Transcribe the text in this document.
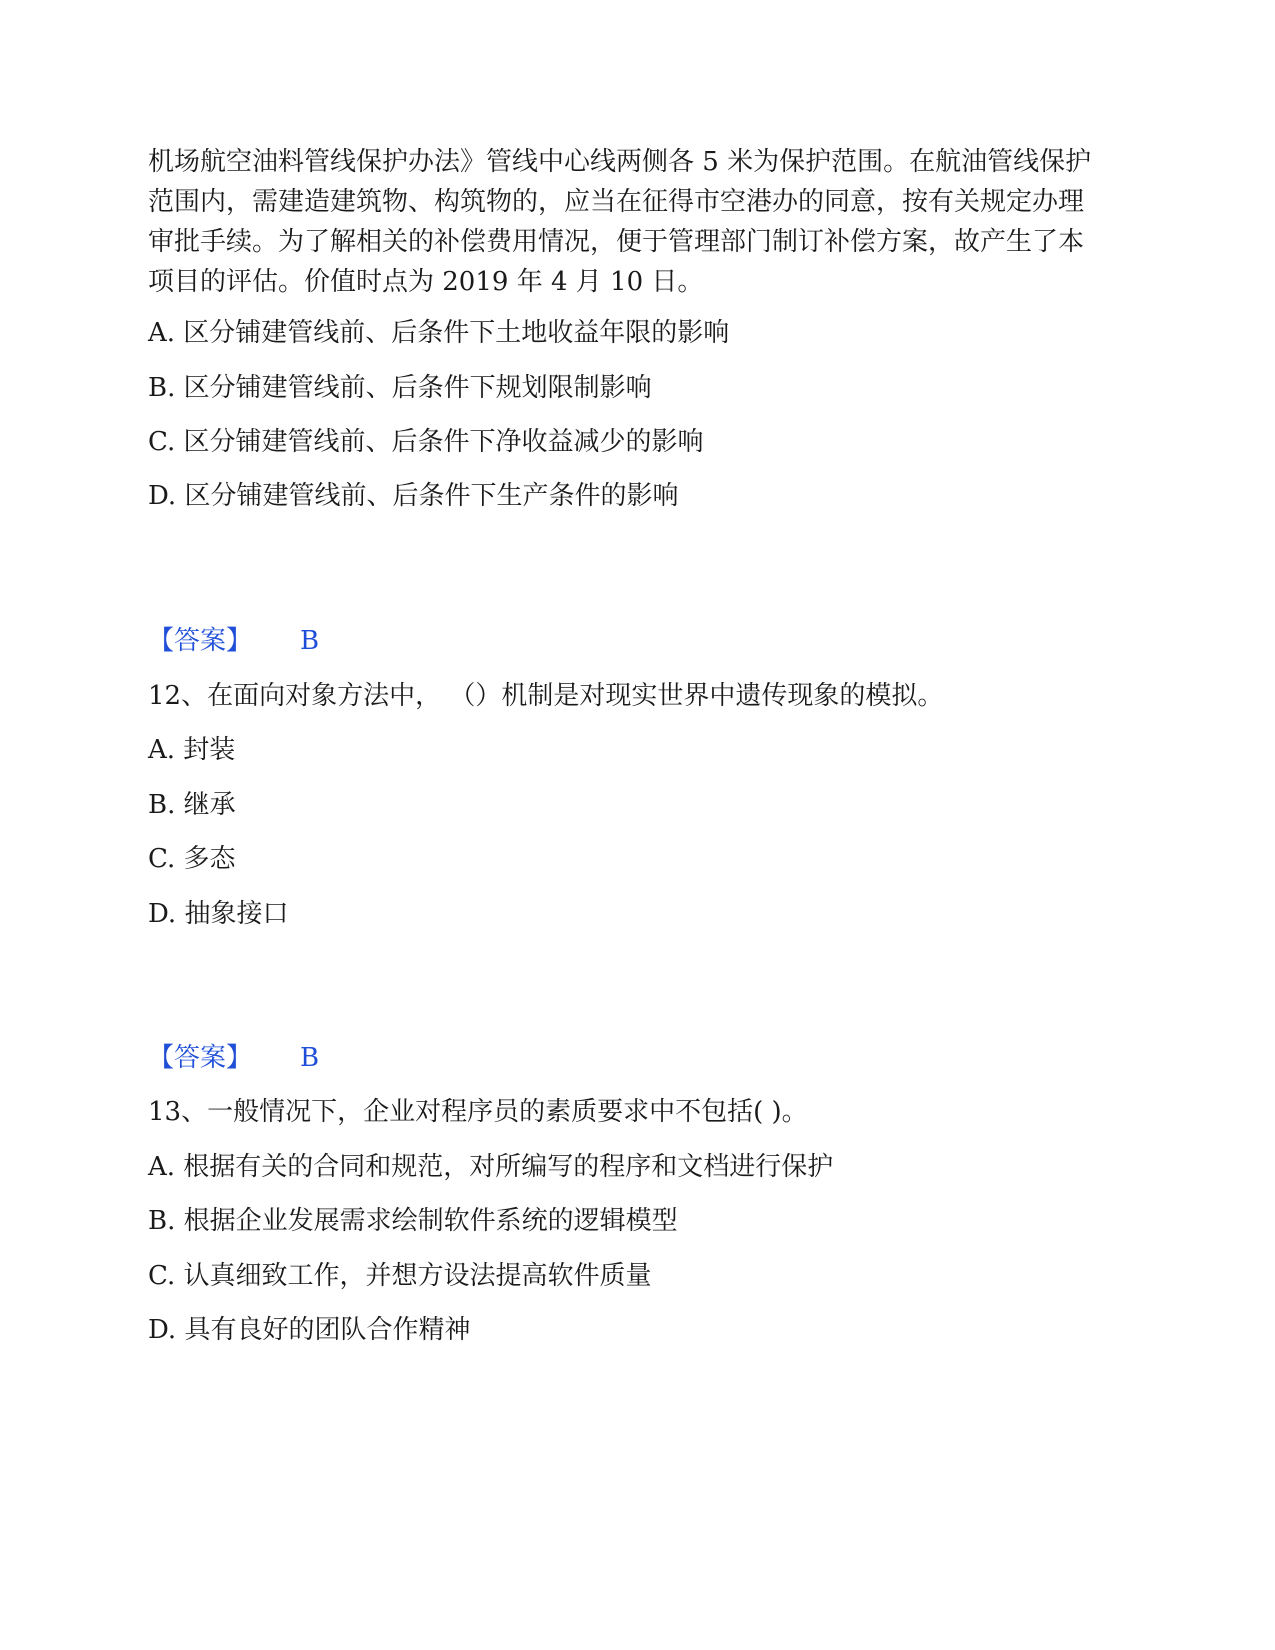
机场航空油料管线保护办法》管线中心线两侧各 5 米为保护范围。在航油管线保护范围内，需建造建筑物、构筑物的，应当在征得市空港办的同意，按有关规定办理审批手续。为了解相关的补偿费用情况，便于管理部门制订补偿方案，故产生了本项目的评估。价值时点为 2019 年 4 月 10 日。

A. 区分铺建管线前、后条件下土地收益年限的影响
B. 区分铺建管线前、后条件下规划限制影响
C. 区分铺建管线前、后条件下净收益减少的影响
D. 区分铺建管线前、后条件下生产条件的影响
【答案】 B
12、在面向对象方法中， （）机制是对现实世界中遗传现象的模拟。
A. 封装
B. 继承
C. 多态
D. 抽象接口
【答案】 B
13、一般情况下，企业对程序员的素质要求中不包括( )。
A. 根据有关的合同和规范，对所编写的程序和文档进行保护
B. 根据企业发展需求绘制软件系统的逻辑模型
C. 认真细致工作，并想方设法提高软件质量
D. 具有良好的团队合作精神
